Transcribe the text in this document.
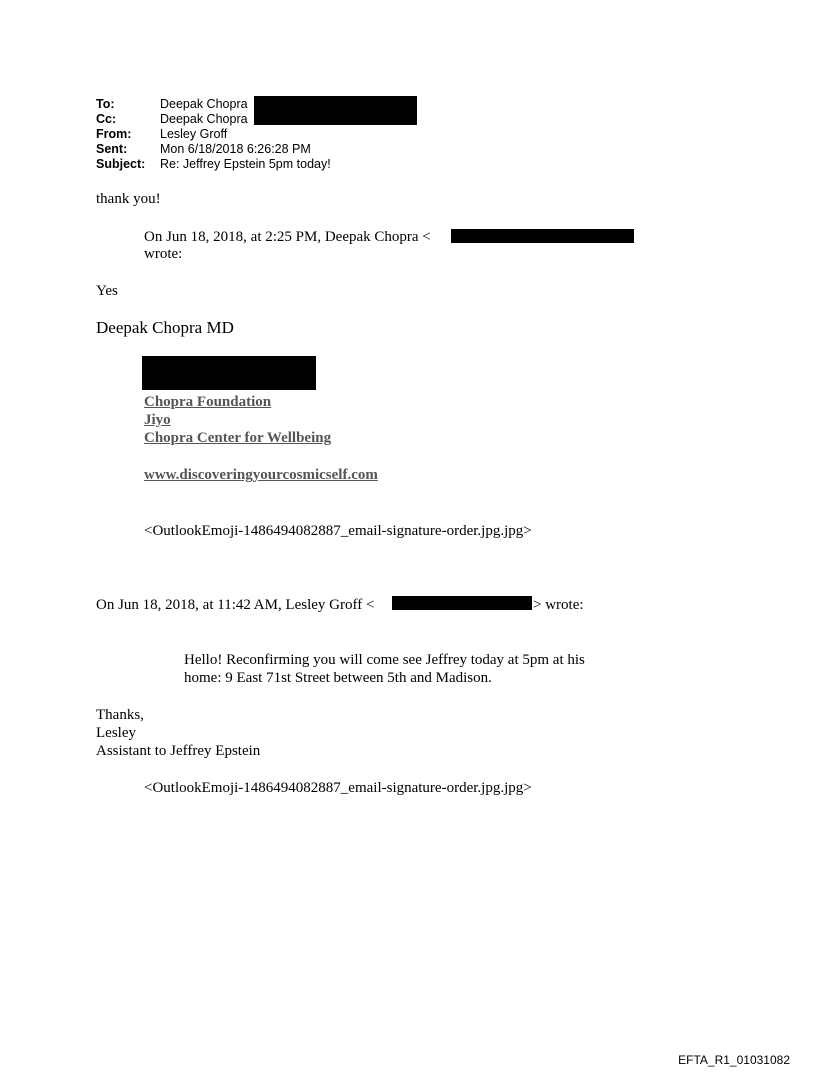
To:	Deepak Chopra
Cc:	Deepak Chopra
From:	Lesley Groff
Sent:	Mon 6/18/2018 6:26:28 PM
Subject:	Re: Jeffrey Epstein 5pm today!
thank you!
On Jun 18, 2018, at 2:25 PM, Deepak Chopra <
wrote:
Yes
Deepak Chopra MD
Chopra Foundation
Jiyo
Chopra Center for Wellbeing
www.discoveringyourcosmicself.com
<OutlookEmoji-1486494082887_email-signature-order.jpg.jpg>
On Jun 18, 2018, at 11:42 AM, Lesley Groff <	> wrote:
Hello! Reconfirming you will come see Jeffrey today at 5pm at his
home: 9 East 71st Street between 5th and Madison.
Thanks,
Lesley
Assistant to Jeffrey Epstein
<OutlookEmoji-1486494082887_email-signature-order.jpg.jpg>
EFTA_R1_01031082
